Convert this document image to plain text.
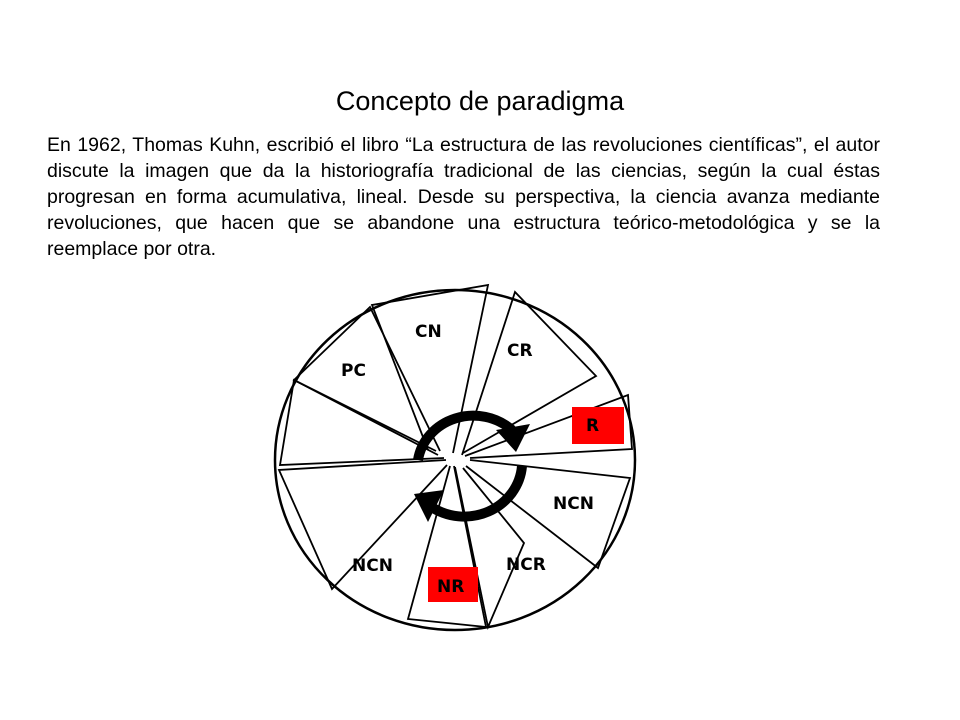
Concepto de paradigma
En 1962, Thomas Kuhn, escribió el libro “La estructura de las revoluciones científicas”, el autor discute la imagen que da la historiografía tradicional de las ciencias, según la cual éstas progresan en forma acumulativa, lineal. Desde su perspectiva, la ciencia avanza mediante revoluciones, que hacen que se abandone una estructura teórico-metodológica y se la reemplace por otra.
CN
CR
PC
R
NCN
NCR
NCN
NR
